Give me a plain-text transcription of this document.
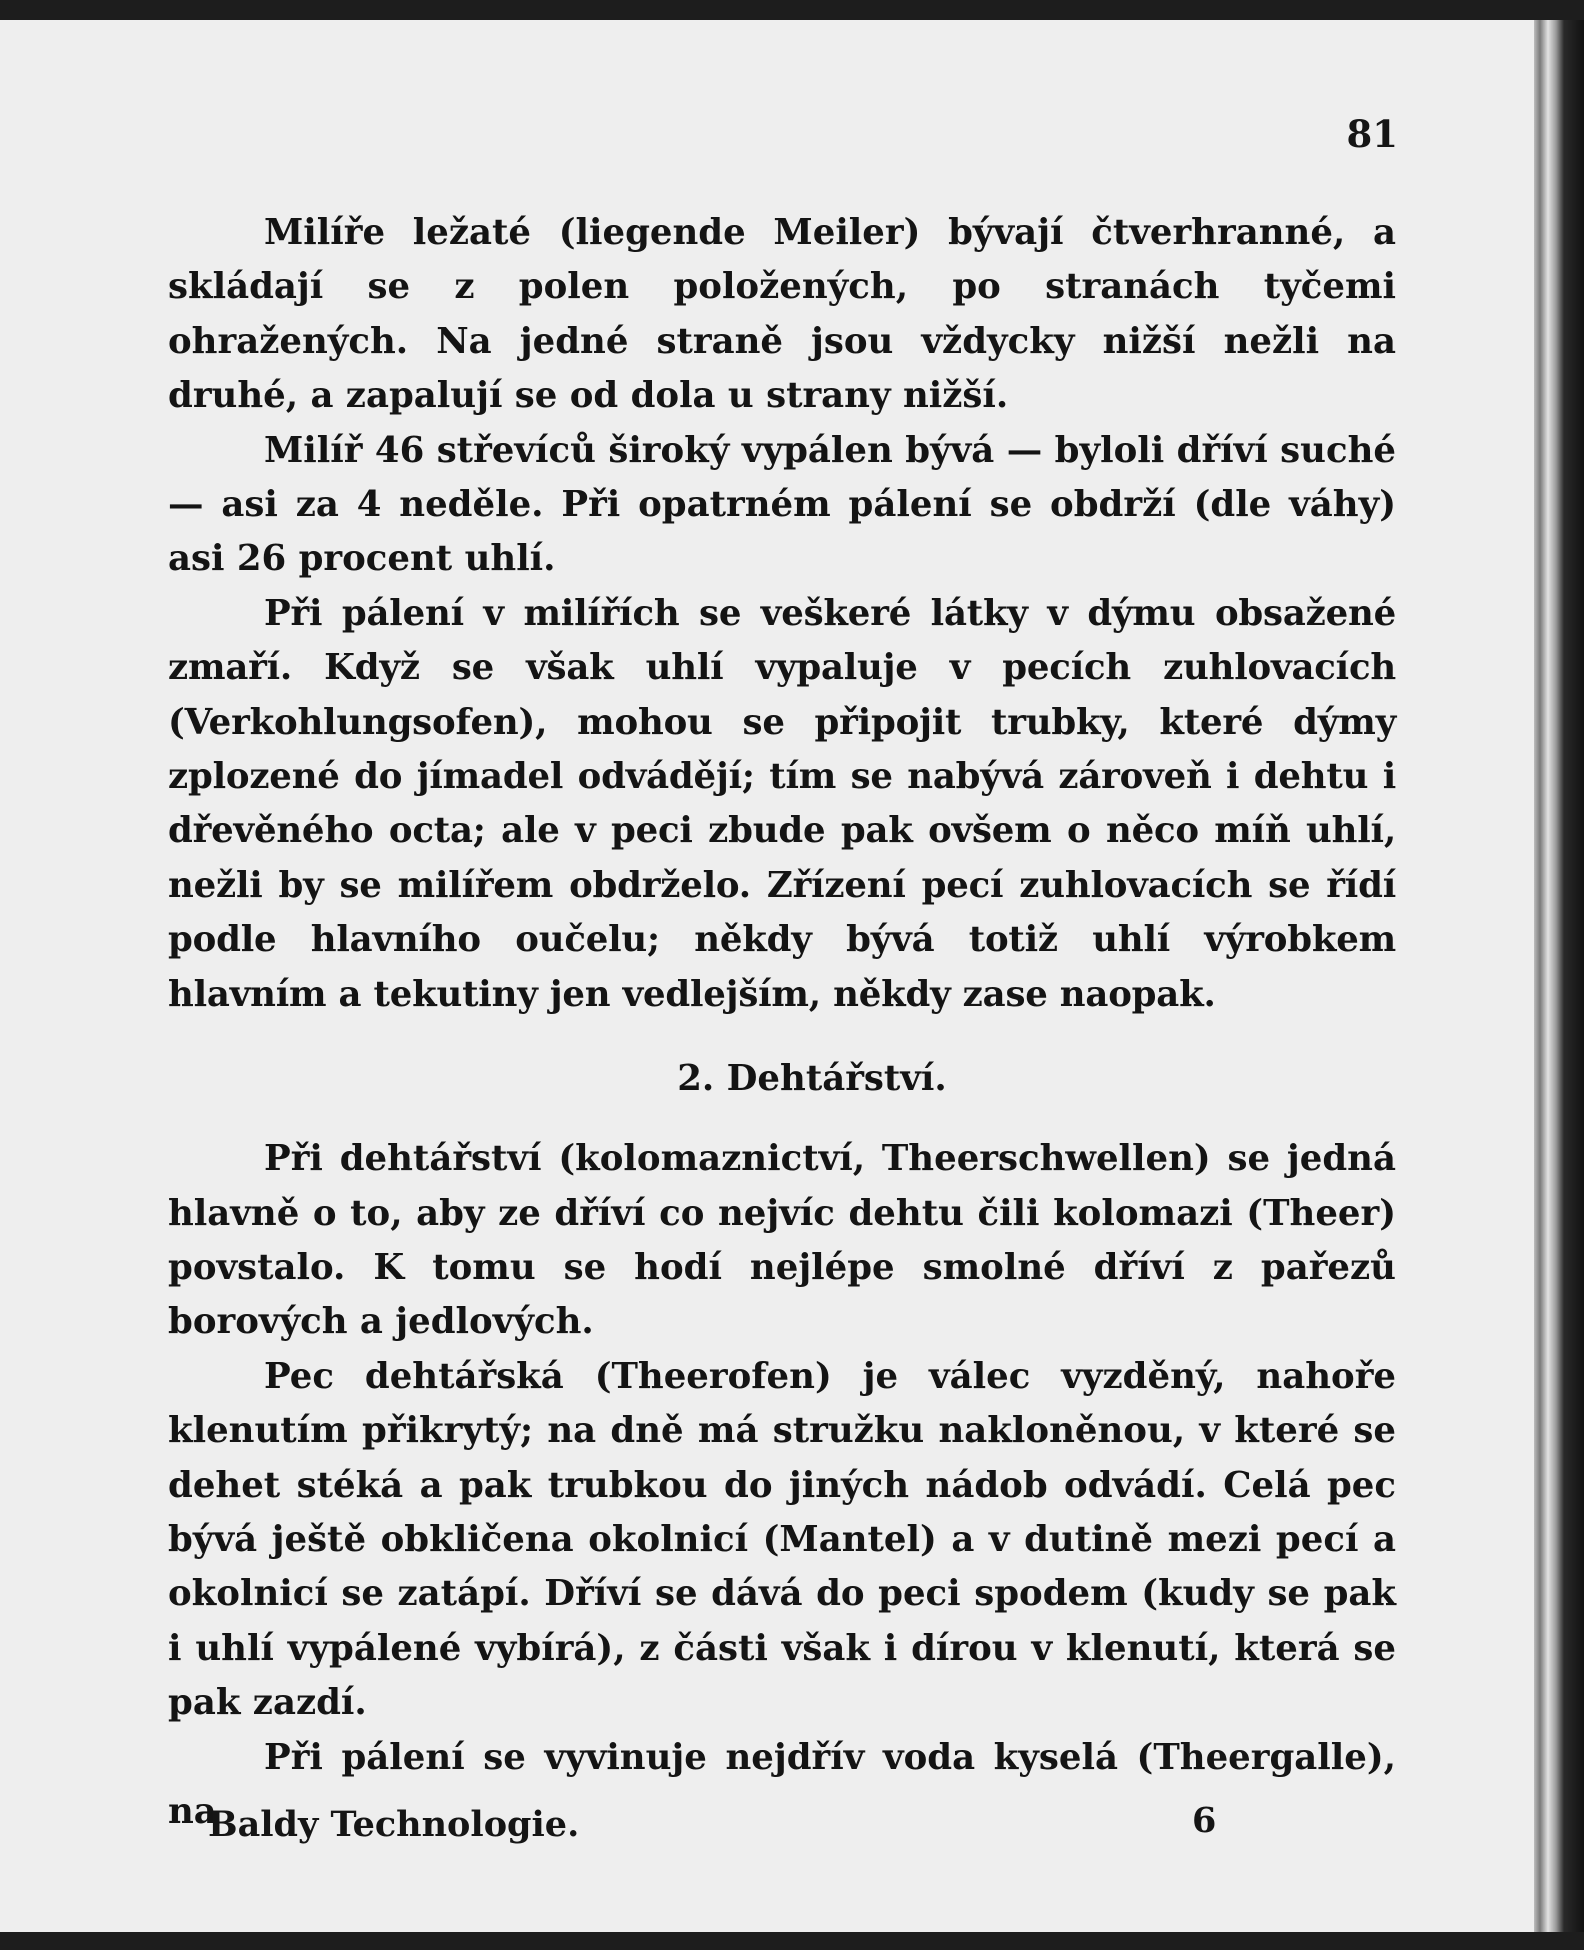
81

Milíře ležaté (liegende Meiler) bývají čtverhranné, a skládají se z polen položených, po stranách tyčemi ohražených. Na jedné straně jsou vždycky nižší nežli na druhé, a zapalují se od dola u strany nižší.

Milíř 46 střevíců široký vypálen bývá — byloli dříví suché — asi za 4 neděle. Při opatrném pálení se obdrží (dle váhy) asi 26 procent uhlí.

Při pálení v milířích se veškeré látky v dýmu obsažené zmaří. Když se však uhlí vypaluje v pecích zuhlovacích (Verkohlungsofen), mohou se připojit trubky, které dýmy zplozené do jímadel odvádějí; tím se nabývá zároveň i dehtu i dřevěného octa; ale v peci zbude pak ovšem o něco míň uhlí, nežli by se milířem obdrželo. Zřízení pecí zuhlovacích se řídí podle hlavního oučelu; někdy bývá totiž uhlí výrobkem hlavním a tekutiny jen vedlejším, někdy zase naopak.

2. Dehtářství.

Při dehtářství (kolomaznictví, Theerschwellen) se jedná hlavně o to, aby ze dříví co nejvíc dehtu čili kolomazi (Theer) povstalo. K tomu se hodí nejlépe smolné dříví z pařezů borových a jedlových.

Pec dehtářská (Theerofen) je válec vyzděný, nahoře klenutím přikrytý; na dně má stružku nakloněnou, v které se dehet stéká a pak trubkou do jiných nádob odvádí. Celá pec bývá ještě obkličena okolnicí (Mantel) a v dutině mezi pecí a okolnicí se zatápí. Dříví se dává do peci spodem (kudy se pak i uhlí vypálené vybírá), z části však i dírou v klenutí, která se pak zazdí.

Při pálení se vyvinuje nejdřív voda kyselá (Theergalle), na

Baldy Technologie.	6
